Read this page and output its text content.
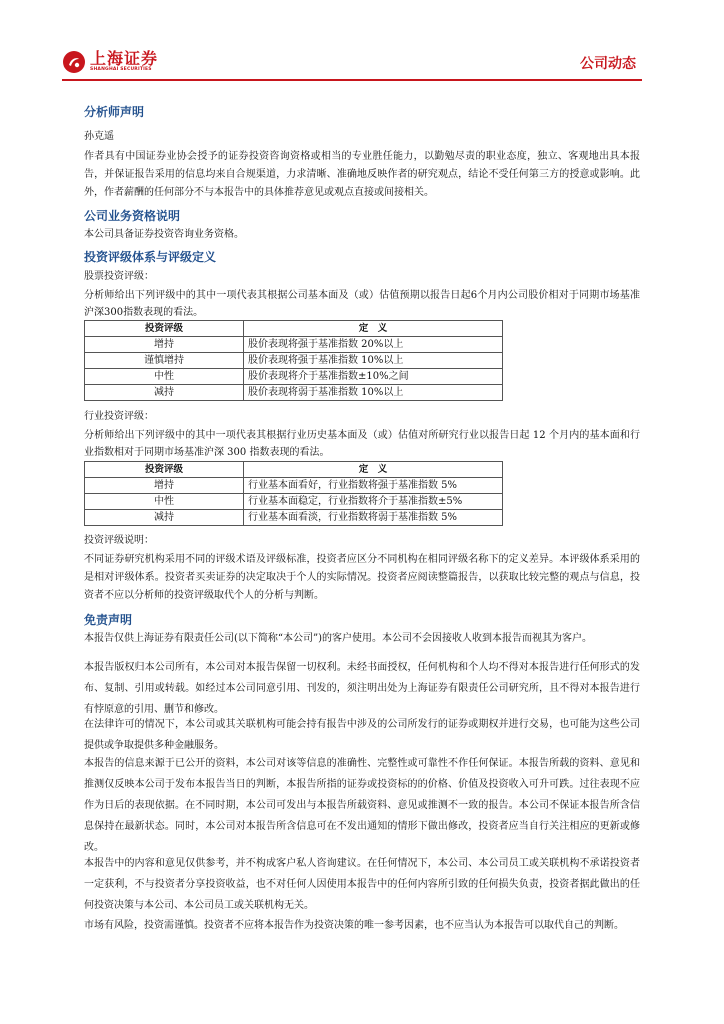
上海证券
SHANGHAI SECURITIES	公司动态
分析师声明
孙克遥
作者具有中国证券业协会授予的证券投资咨询资格或相当的专业胜任能力，以勤勉尽责的职业态度，独立、客观地出具本报告，并保证报告采用的信息均来自合规渠道，力求清晰、准确地反映作者的研究观点，结论不受任何第三方的授意或影响。此外，作者薪酬的任何部分不与本报告中的具体推荐意见或观点直接或间接相关。
公司业务资格说明
本公司具备证券投资咨询业务资格。
投资评级体系与评级定义
股票投资评级：
分析师给出下列评级中的其中一项代表其根据公司基本面及（或）估值预期以报告日起6个月内公司股价相对于同期市场基准沪深300指数表现的看法。
投资评级	定　义
增持	股价表现将强于基准指数 20%以上
谨慎增持	股价表现将强于基准指数 10%以上
中性	股价表现将介于基准指数±10%之间
减持	股价表现将弱于基准指数 10%以上
行业投资评级：
分析师给出下列评级中的其中一项代表其根据行业历史基本面及（或）估值对所研究行业以报告日起 12 个月内的基本面和行业指数相对于同期市场基准沪深 300 指数表现的看法。
投资评级	定　义
增持	行业基本面看好，行业指数将强于基准指数 5%
中性	行业基本面稳定，行业指数将介于基准指数±5%
减持	行业基本面看淡，行业指数将弱于基准指数 5%
投资评级说明：
不同证券研究机构采用不同的评级术语及评级标准，投资者应区分不同机构在相同评级名称下的定义差异。本评级体系采用的是相对评级体系。投资者买卖证券的决定取决于个人的实际情况。投资者应阅读整篇报告，以获取比较完整的观点与信息，投资者不应以分析师的投资评级取代个人的分析与判断。
免责声明
本报告仅供上海证券有限责任公司(以下简称“本公司”)的客户使用。本公司不会因接收人收到本报告而视其为客户。
本报告版权归本公司所有，本公司对本报告保留一切权利。未经书面授权，任何机构和个人均不得对本报告进行任何形式的发布、复制、引用或转载。如经过本公司同意引用、刊发的，须注明出处为上海证券有限责任公司研究所，且不得对本报告进行有悖原意的引用、删节和修改。
在法律许可的情况下，本公司或其关联机构可能会持有报告中涉及的公司所发行的证券或期权并进行交易，也可能为这些公司提供或争取提供多种金融服务。
本报告的信息来源于已公开的资料，本公司对该等信息的准确性、完整性或可靠性不作任何保证。本报告所载的资料、意见和推测仅反映本公司于发布本报告当日的判断，本报告所指的证券或投资标的的价格、价值及投资收入可升可跌。过往表现不应作为日后的表现依据。在不同时期，本公司可发出与本报告所载资料、意见或推测不一致的报告。本公司不保证本报告所含信息保持在最新状态。同时，本公司对本报告所含信息可在不发出通知的情形下做出修改，投资者应当自行关注相应的更新或修改。
本报告中的内容和意见仅供参考，并不构成客户私人咨询建议。在任何情况下，本公司、本公司员工或关联机构不承诺投资者一定获利，不与投资者分享投资收益，也不对任何人因使用本报告中的任何内容所引致的任何损失负责，投资者据此做出的任何投资决策与本公司、本公司员工或关联机构无关。
市场有风险，投资需谨慎。投资者不应将本报告作为投资决策的唯一参考因素，也不应当认为本报告可以取代自己的判断。
